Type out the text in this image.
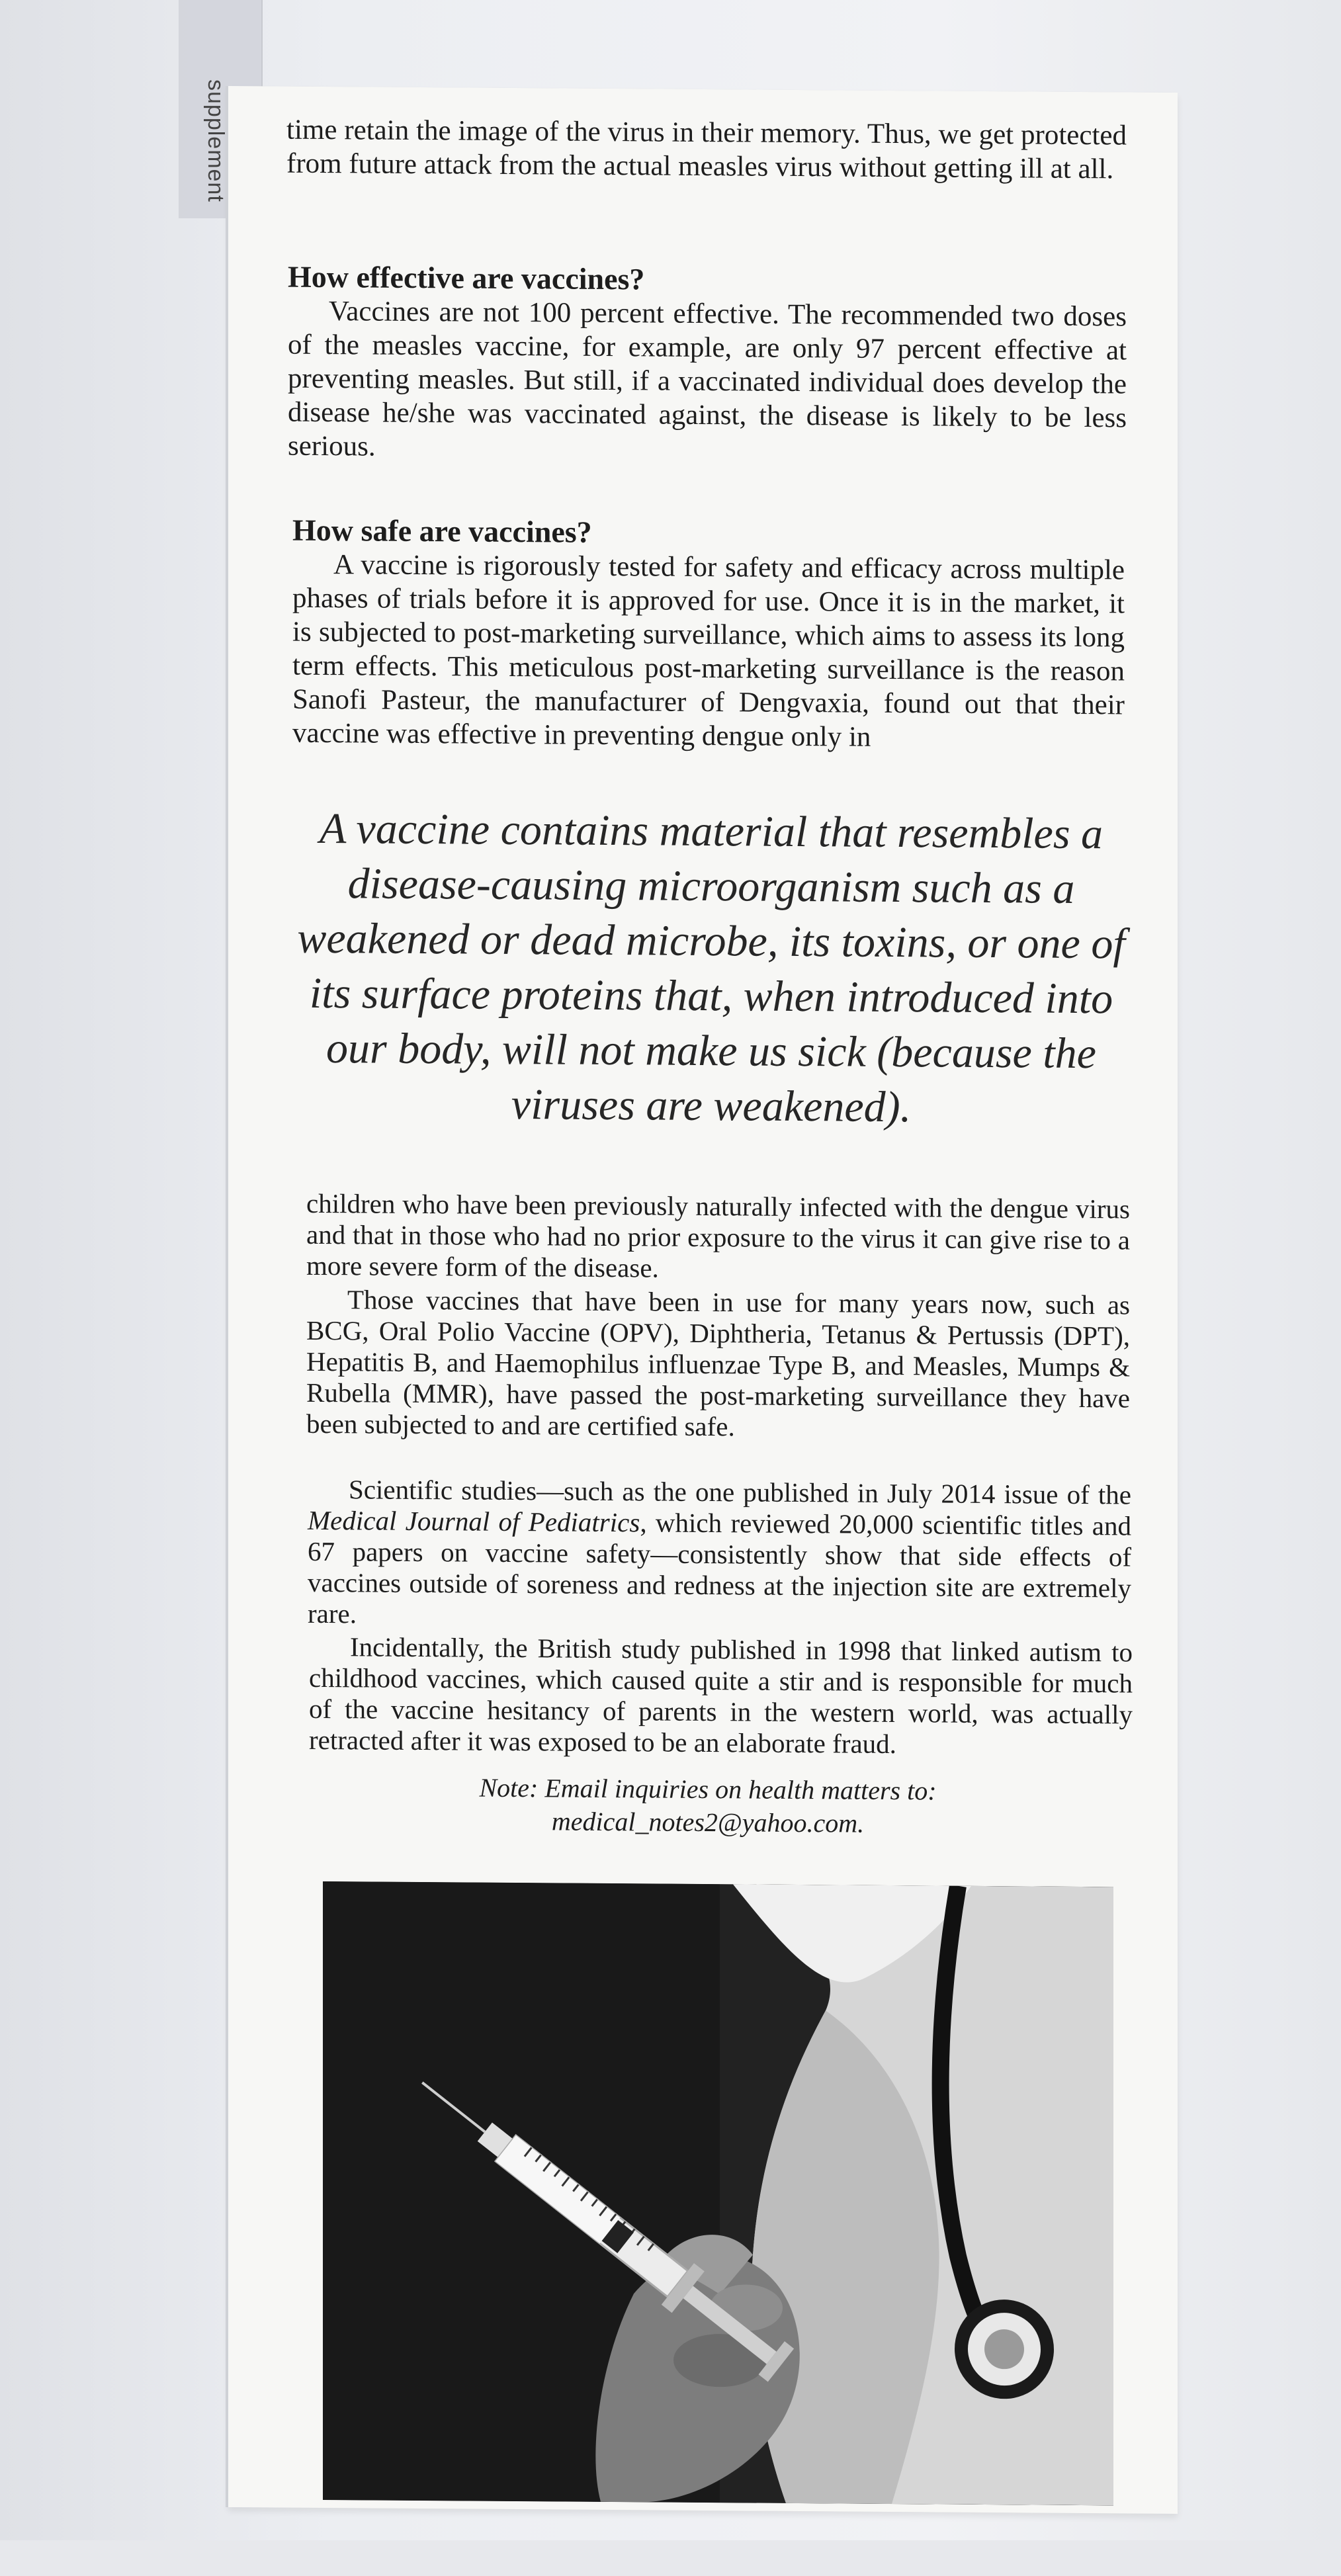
supplement time retain the image of the virus in their memory. Thus, we get protected from future attack from the actual measles virus without getting ill at all.

How effective are vaccines?

Vaccines are not 100 percent effective. The recommended two doses of the measles vaccine, for example, are only 97 percent effective at preventing measles. But still, if a vaccinated individual does develop the disease he/she was vaccinated against, the disease is likely to be less serious.

How safe are vaccines?

A vaccine is rigorously tested for safety and efficacy across multiple phases of trials before it is approved for use. Once it is in the market, it is subjected to post-marketing surveillance, which aims to assess its long term effects. This meticulous post-marketing surveillance is the reason Sanofi Pasteur, the manufacturer of Dengvaxia, found out that their vaccine was effective in preventing dengue only in

A vaccine contains material that resembles a disease-causing microorganism such as a weakened or dead microbe, its toxins, or one of its surface proteins that, when introduced into our body, will not make us sick (because the viruses are weakened).

children who have been previously naturally infected with the dengue virus and that in those who had no prior exposure to the virus it can give rise to a more severe form of the disease.

Those vaccines that have been in use for many years now, such as BCG, Oral Polio Vaccine (OPV), Diphtheria, Tetanus & Pertussis (DPT), Hepatitis B, and Haemophilus influenzae Type B, and Measles, Mumps & Rubella (MMR), have passed the post-marketing surveillance they have been subjected to and are certified safe.

Scientific studies—such as the one published in July 2014 issue of the Medical Journal of Pediatrics, which reviewed 20,000 scientific titles and 67 papers on vaccine safety—consistently show that side effects of vaccines outside of soreness and redness at the injection site are extremely rare.

Incidentally, the British study published in 1998 that linked autism to childhood vaccines, which caused quite a stir and is responsible for much of the vaccine hesitancy of parents in the western world, was actually retracted after it was exposed to be an elaborate fraud.

Note: Email inquiries on health matters to:

medical_notes2@yahoo.com.
